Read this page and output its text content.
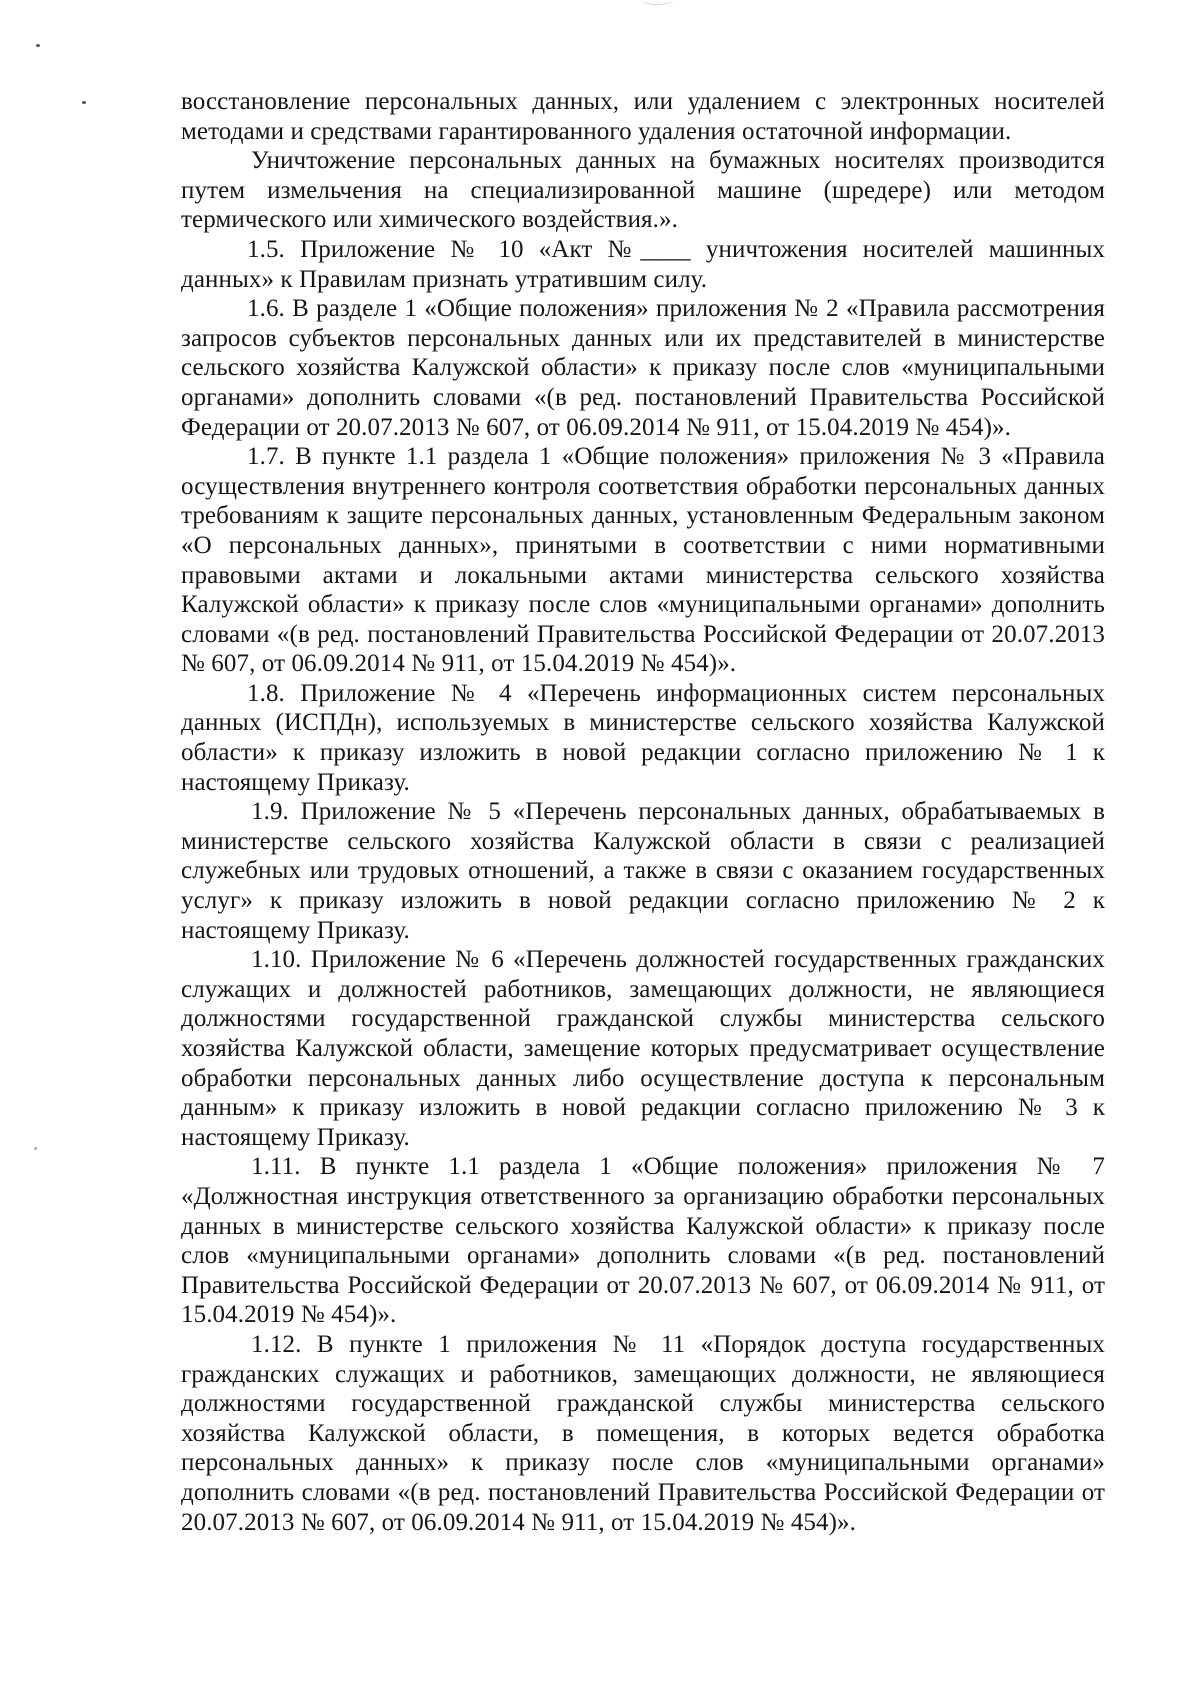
восстановление персональных данных, или удалением с электронных носителей методами и средствами гарантированного удаления остаточной информации.

Уничтожение персональных данных на бумажных носителях производится путем измельчения на специализированной машине (шредере) или методом термического или химического воздействия.».

1.5. Приложение № 10 «Акт №____ уничтожения носителей машинных данных» к Правилам признать утратившим силу.

1.6. В разделе 1 «Общие положения» приложения № 2 «Правила рассмотрения запросов субъектов персональных данных или их представителей в министерстве сельского хозяйства Калужской области» к приказу после слов «муниципальными органами» дополнить словами «(в ред. постановлений Правительства Российской Федерации от 20.07.2013 № 607, от 06.09.2014 № 911, от 15.04.2019 № 454)».

1.7. В пункте 1.1 раздела 1 «Общие положения» приложения № 3 «Правила осуществления внутреннего контроля соответствия обработки персональных данных требованиям к защите персональных данных, установленным Федеральным законом «О персональных данных», принятыми в соответствии с ними нормативными правовыми актами и локальными актами министерства сельского хозяйства Калужской области» к приказу после слов «муниципальными органами» дополнить словами «(в ред. постановлений Правительства Российской Федерации от 20.07.2013 № 607, от 06.09.2014 № 911, от 15.04.2019 № 454)».

1.8. Приложение № 4 «Перечень информационных систем персональных данных (ИСПДн), используемых в министерстве сельского хозяйства Калужской области» к приказу изложить в новой редакции согласно приложению № 1 к настоящему Приказу.

1.9. Приложение № 5 «Перечень персональных данных, обрабатываемых в министерстве сельского хозяйства Калужской области в связи с реализацией служебных или трудовых отношений, а также в связи с оказанием государственных услуг» к приказу изложить в новой редакции согласно приложению № 2 к настоящему Приказу.

1.10. Приложение № 6 «Перечень должностей государственных гражданских служащих и должностей работников, замещающих должности, не являющиеся должностями государственной гражданской службы министерства сельского хозяйства Калужской области, замещение которых предусматривает осуществление обработки персональных данных либо осуществление доступа к персональным данным» к приказу изложить в новой редакции согласно приложению № 3 к настоящему Приказу.

1.11. В пункте 1.1 раздела 1 «Общие положения» приложения № 7 «Должностная инструкция ответственного за организацию обработки персональных данных в министерстве сельского хозяйства Калужской области» к приказу после слов «муниципальными органами» дополнить словами «(в ред. постановлений Правительства Российской Федерации от 20.07.2013 № 607, от 06.09.2014 № 911, от 15.04.2019 № 454)».

1.12. В пункте 1 приложения № 11 «Порядок доступа государственных гражданских служащих и работников, замещающих должности, не являющиеся должностями государственной гражданской службы министерства сельского хозяйства Калужской области, в помещения, в которых ведется обработка персональных данных» к приказу после слов «муниципальными органами» дополнить словами «(в ред. постановлений Правительства Российской Федерации от 20.07.2013 № 607, от 06.09.2014 № 911, от 15.04.2019 № 454)».
